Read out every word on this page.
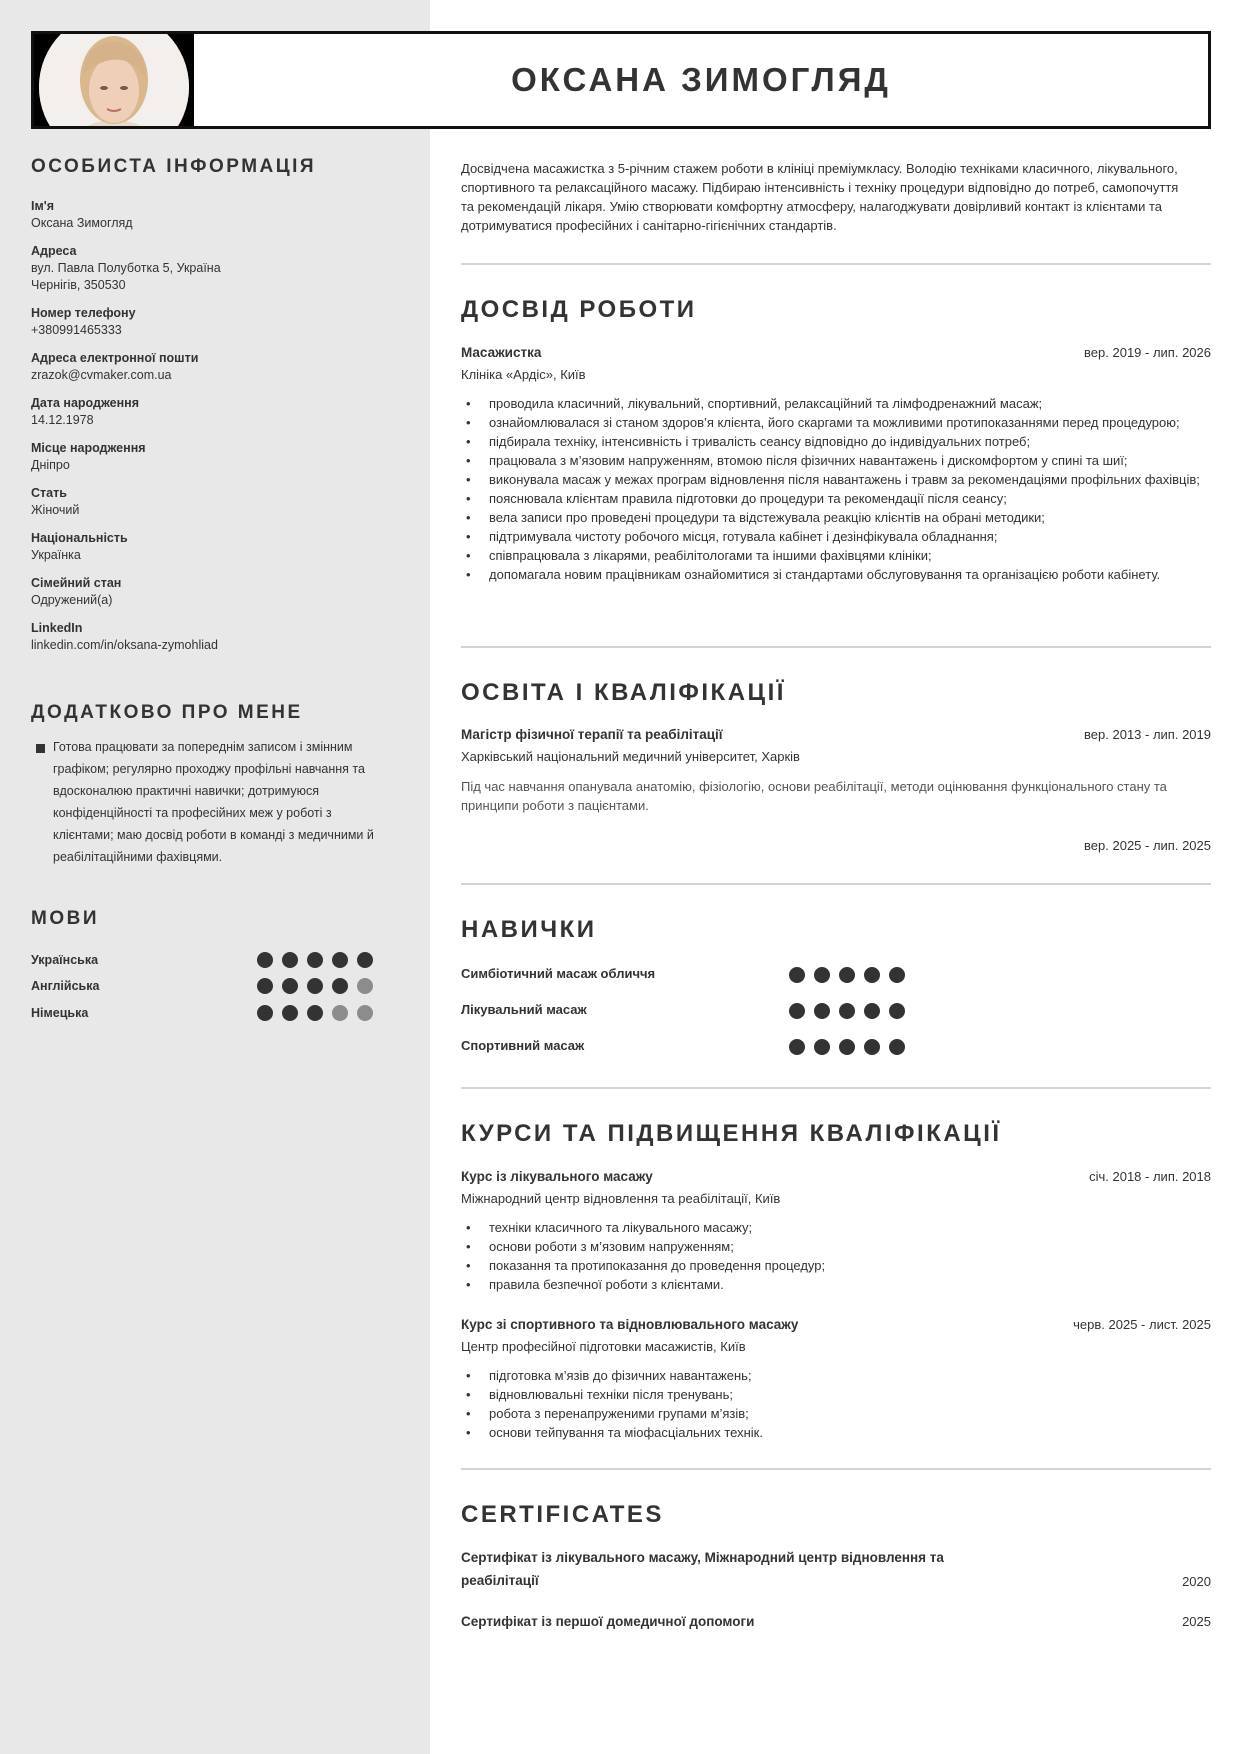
ОКСАНА ЗИМОГЛЯД
ОСОБИСТА ІНФОРМАЦІЯ
Ім'я
Оксана Зимогляд
Адреса
вул. Павла Полуботка 5, Україна
Чернігів, 350530
Номер телефону
+380991465333
Адреса електронної пошти
zrazok@cvmaker.com.ua
Дата народження
14.12.1978
Місце народження
Дніпро
Стать
Жіночий
Національність
Українка
Сімейний стан
Одружений(а)
LinkedIn
linkedin.com/in/oksana-zymohliad
ДОДАТКОВО ПРО МЕНЕ
Готова працювати за попереднім записом і змінним графіком; регулярно проходжу профільні навчання та вдосконалюю практичні навички; дотримуюся конфіденційності та професійних меж у роботі з клієнтами; маю досвід роботи в команді з медичними й реабілітаційними фахівцями.
МОВИ
Українська
Англійська
Німецька
Досвідчена масажистка з 5-річним стажем роботи в клініці преміумкласу. Володію техніками класичного, лікувального, спортивного та релаксаційного масажу. Підбираю інтенсивність і техніку процедури відповідно до потреб, самопочуття та рекомендацій лікаря. Умію створювати комфортну атмосферу, налагоджувати довірливий контакт із клієнтами та дотримуватися професійних і санітарно-гігієнічних стандартів.
ДОСВІД РОБОТИ
Масажистка	вер. 2019 - лип. 2026
Клініка «Ардіс», Київ
• проводила класичний, лікувальний, спортивний, релаксаційний та лімфодренажний масаж;
• ознайомлювалася зі станом здоров’я клієнта, його скаргами та можливими протипоказаннями перед процедурою;
• підбирала техніку, інтенсивність і тривалість сеансу відповідно до індивідуальних потреб;
• працювала з м’язовим напруженням, втомою після фізичних навантажень і дискомфортом у спині та шиї;
• виконувала масаж у межах програм відновлення після навантажень і травм за рекомендаціями профільних фахівців;
• пояснювала клієнтам правила підготовки до процедури та рекомендації після сеансу;
• вела записи про проведені процедури та відстежувала реакцію клієнтів на обрані методики;
• підтримувала чистоту робочого місця, готувала кабінет і дезінфікувала обладнання;
• співпрацювала з лікарями, реабілітологами та іншими фахівцями клініки;
• допомагала новим працівникам ознайомитися зі стандартами обслуговування та організацією роботи кабінету.
ОСВІТА І КВАЛІФІКАЦІЇ
Магістр фізичної терапії та реабілітації	вер. 2013 - лип. 2019
Харківський національний медичний університет, Харків
Під час навчання опанувала анатомію, фізіологію, основи реабілітації, методи оцінювання функціонального стану та принципи роботи з пацієнтами.
вер. 2025 - лип. 2025
НАВИЧКИ
Симбіотичний масаж обличчя
Лікувальний масаж
Спортивний масаж
КУРСИ ТА ПІДВИЩЕННЯ КВАЛІФІКАЦІЇ
Курс із лікувального масажу	січ. 2018 - лип. 2018
Міжнародний центр відновлення та реабілітації, Київ
• техніки класичного та лікувального масажу;
• основи роботи з м’язовим напруженням;
• показання та протипоказання до проведення процедур;
• правила безпечної роботи з клієнтами.
Курс зі спортивного та відновлювального масажу	черв. 2025 - лист. 2025
Центр професійної підготовки масажистів, Київ
• підготовка м’язів до фізичних навантажень;
• відновлювальні техніки після тренувань;
• робота з перенапруженими групами м’язів;
• основи тейпування та міофасціальних технік.
CERTIFICATES
Сертифікат із лікувального масажу, Міжнародний центр відновлення та
реабілітації	2020
Сертифікат із першої домедичної допомоги	2025
